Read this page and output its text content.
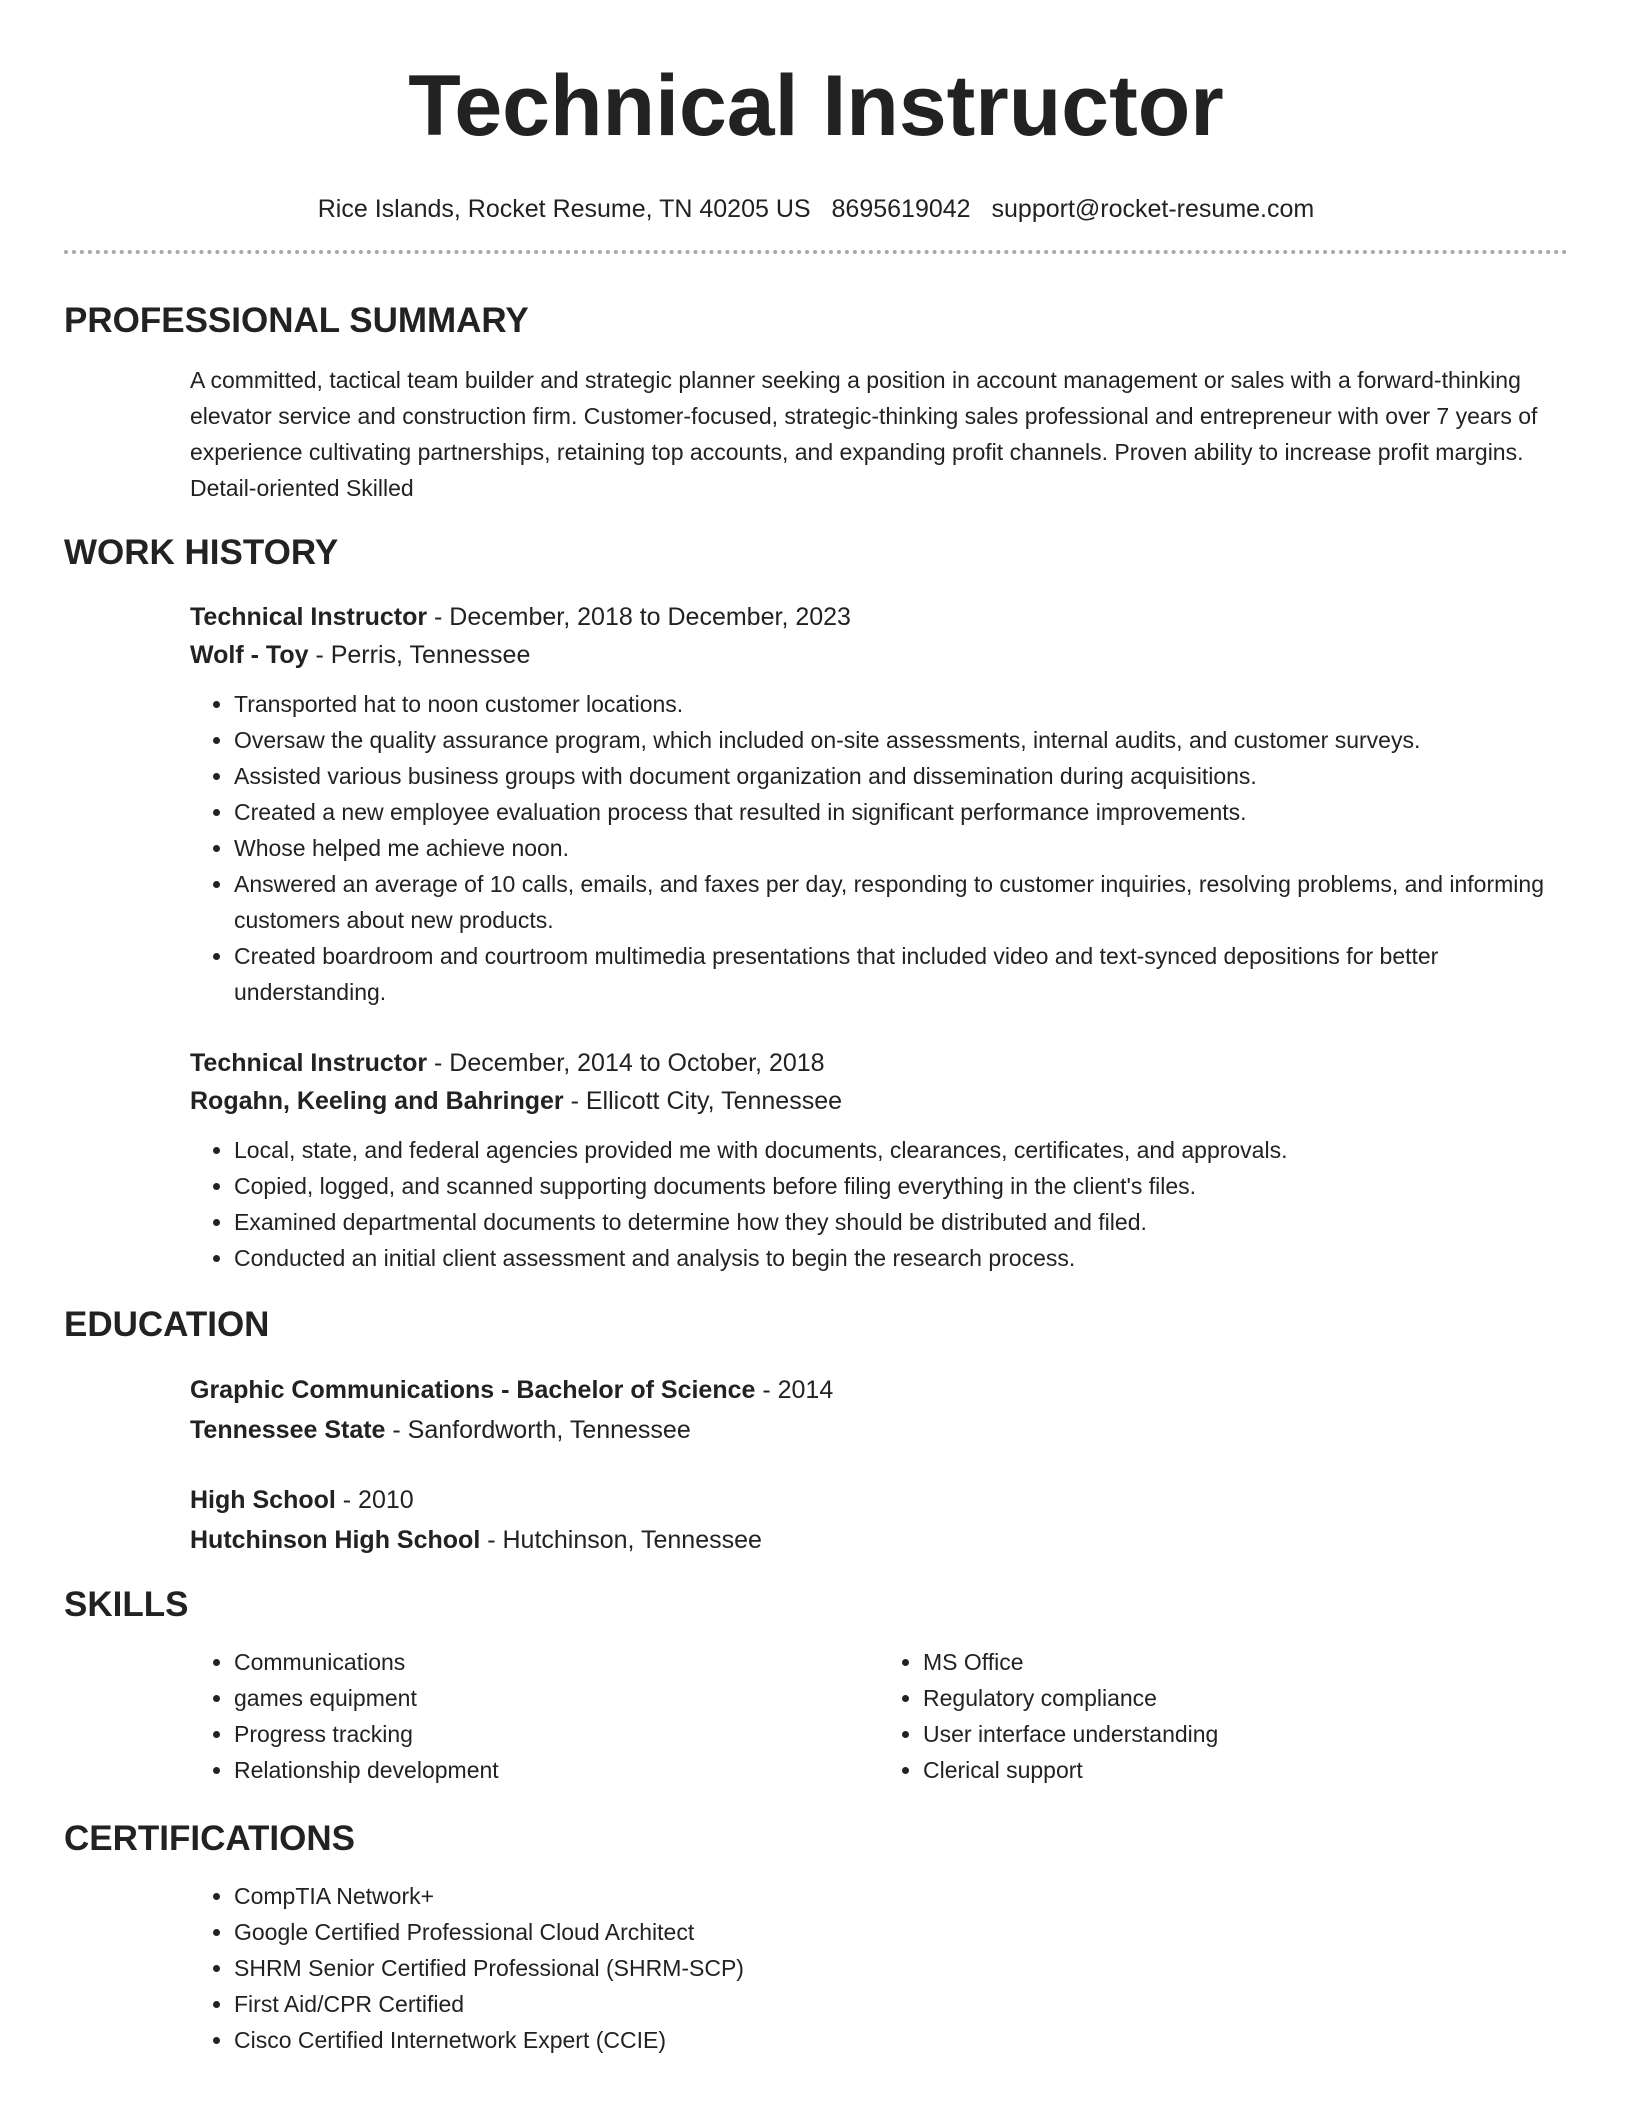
Technical Instructor
Rice Islands, Rocket Resume, TN 40205 US 8695619042 support@rocket-resume.com
PROFESSIONAL SUMMARY
A committed, tactical team builder and strategic planner seeking a position in account management or sales with a forward-thinking elevator service and construction firm. Customer-focused, strategic-thinking sales professional and entrepreneur with over 7 years of experience cultivating partnerships, retaining top accounts, and expanding profit channels. Proven ability to increase profit margins. Detail-oriented Skilled
WORK HISTORY
Technical Instructor - December, 2018 to December, 2023
Wolf - Toy - Perris, Tennessee
• Transported hat to noon customer locations.
• Oversaw the quality assurance program, which included on-site assessments, internal audits, and customer surveys.
• Assisted various business groups with document organization and dissemination during acquisitions.
• Created a new employee evaluation process that resulted in significant performance improvements.
• Whose helped me achieve noon.
• Answered an average of 10 calls, emails, and faxes per day, responding to customer inquiries, resolving problems, and informing customers about new products.
• Created boardroom and courtroom multimedia presentations that included video and text-synced depositions for better understanding.
Technical Instructor - December, 2014 to October, 2018
Rogahn, Keeling and Bahringer - Ellicott City, Tennessee
• Local, state, and federal agencies provided me with documents, clearances, certificates, and approvals.
• Copied, logged, and scanned supporting documents before filing everything in the client's files.
• Examined departmental documents to determine how they should be distributed and filed.
• Conducted an initial client assessment and analysis to begin the research process.
EDUCATION
Graphic Communications - Bachelor of Science - 2014
Tennessee State - Sanfordworth, Tennessee
High School - 2010
Hutchinson High School - Hutchinson, Tennessee
SKILLS
• Communications
• games equipment
• Progress tracking
• Relationship development
• MS Office
• Regulatory compliance
• User interface understanding
• Clerical support
CERTIFICATIONS
• CompTIA Network+
• Google Certified Professional Cloud Architect
• SHRM Senior Certified Professional (SHRM-SCP)
• First Aid/CPR Certified
• Cisco Certified Internetwork Expert (CCIE)
